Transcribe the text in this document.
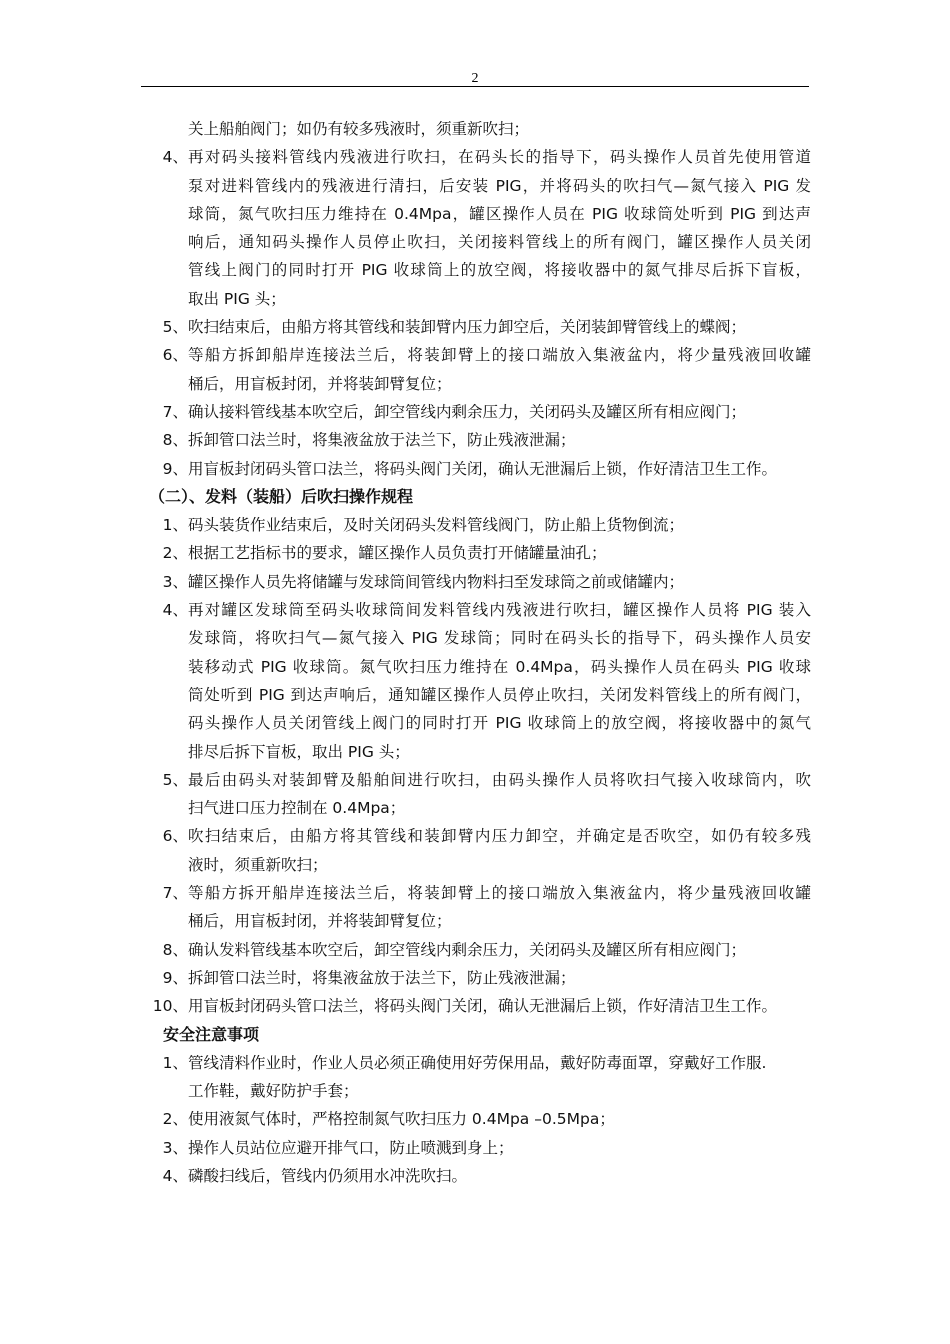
2
关上船舶阀门；如仍有较多残液时，须重新吹扫；
4、 再对码头接料管线内残液进行吹扫，在码头长的指导下，码头操作人员首先使用管道
泵对进料管线内的残液进行清扫，后安装 PIG，并将码头的吹扫气—氮气接入 PIG 发
球筒，氮气吹扫压力维持在 0.4Mpa，罐区操作人员在 PIG 收球筒处听到 PIG 到达声
响后，通知码头操作人员停止吹扫，关闭接料管线上的所有阀门，罐区操作人员关闭
管线上阀门的同时打开 PIG 收球筒上的放空阀，将接收器中的氮气排尽后拆下盲板，
取出 PIG 头；
5、 吹扫结束后，由船方将其管线和装卸臂内压力卸空后，关闭装卸臂管线上的蝶阀；
6、 等船方拆卸船岸连接法兰后，将装卸臂上的接口端放入集液盆内，将少量残液回收罐
桶后，用盲板封闭，并将装卸臂复位；
7、 确认接料管线基本吹空后，卸空管线内剩余压力，关闭码头及罐区所有相应阀门；
8、 拆卸管口法兰时，将集液盆放于法兰下，防止残液泄漏；
9、 用盲板封闭码头管口法兰，将码头阀门关闭，确认无泄漏后上锁，作好清洁卫生工作。
（二）、发料（装船）后吹扫操作规程
1、 码头装货作业结束后，及时关闭码头发料管线阀门，防止船上货物倒流；
2、 根据工艺指标书的要求，罐区操作人员负责打开储罐量油孔；
3、 罐区操作人员先将储罐与发球筒间管线内物料扫至发球筒之前或储罐内；
4、 再对罐区发球筒至码头收球筒间发料管线内残液进行吹扫，罐区操作人员将 PIG 装入
发球筒，将吹扫气—氮气接入 PIG 发球筒；同时在码头长的指导下，码头操作人员安
装移动式 PIG 收球筒。氮气吹扫压力维持在 0.4Mpa，码头操作人员在码头 PIG 收球
筒处听到 PIG 到达声响后，通知罐区操作人员停止吹扫，关闭发料管线上的所有阀门，
码头操作人员关闭管线上阀门的同时打开 PIG 收球筒上的放空阀，将接收器中的氮气
排尽后拆下盲板，取出 PIG 头；
5、 最后由码头对装卸臂及船舶间进行吹扫，由码头操作人员将吹扫气接入收球筒内，吹
扫气进口压力控制在 0.4Mpa；
6、 吹扫结束后，由船方将其管线和装卸臂内压力卸空，并确定是否吹空，如仍有较多残
液时，须重新吹扫；
7、 等船方拆开船岸连接法兰后，将装卸臂上的接口端放入集液盆内，将少量残液回收罐
桶后，用盲板封闭，并将装卸臂复位；
8、 确认发料管线基本吹空后，卸空管线内剩余压力，关闭码头及罐区所有相应阀门；
9、 拆卸管口法兰时，将集液盆放于法兰下，防止残液泄漏；
10、 用盲板封闭码头管口法兰，将码头阀门关闭，确认无泄漏后上锁，作好清洁卫生工作。
安全注意事项
1、 管线清料作业时，作业人员必须正确使用好劳保用品，戴好防毒面罩，穿戴好工作服.
工作鞋，戴好防护手套；
2、 使用液氮气体时，严格控制氮气吹扫压力 0.4Mpa –0.5Mpa；
3、 操作人员站位应避开排气口，防止喷溅到身上；
4、 磷酸扫线后，管线内仍须用水冲洗吹扫。
